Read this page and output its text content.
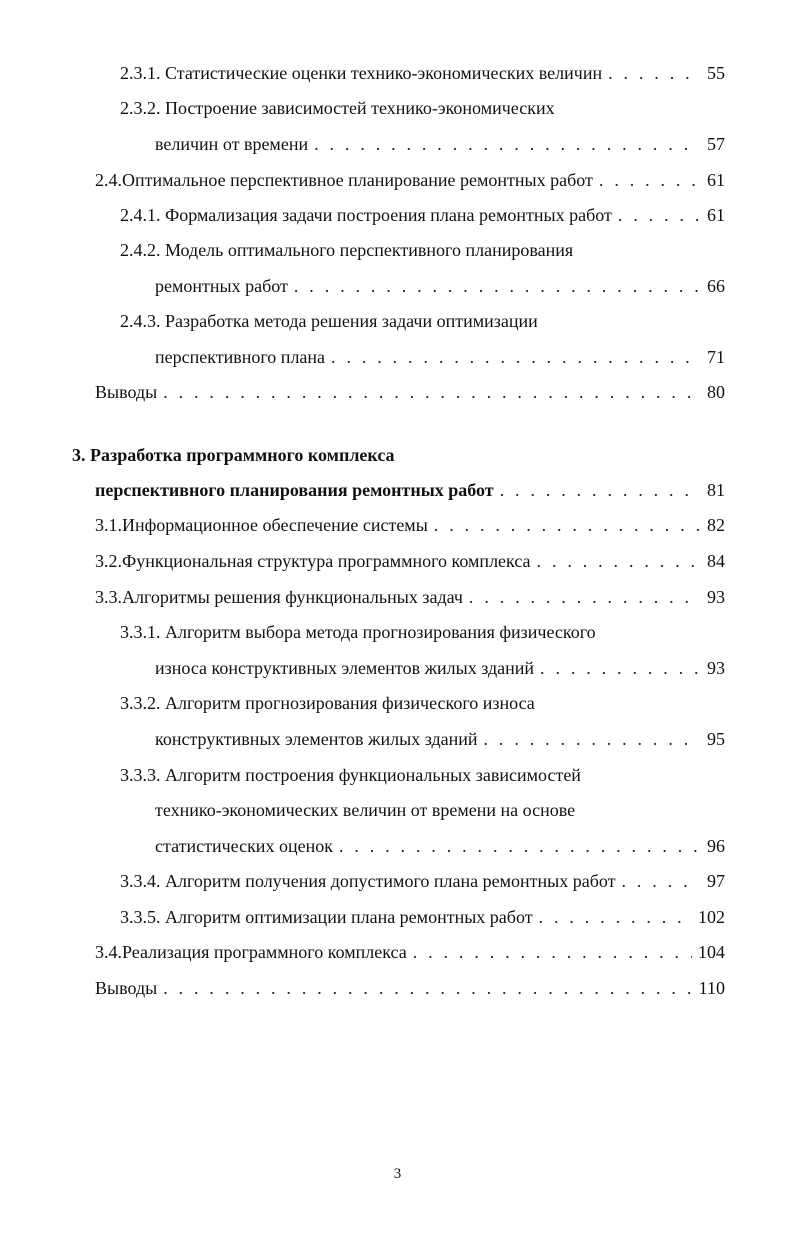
2.3.1. Статистические оценки технико-экономических величин . . .	55
2.3.2. Построение зависимостей технико-экономических
величин от времени . . .	57
2.4.Оптимальное перспективное планирование ремонтных работ . . .	61
2.4.1. Формализация задачи построения плана ремонтных работ . . .	61
2.4.2. Модель оптимального перспективного планирования
ремонтных работ . . .	66
2.4.3. Разработка метода решения задачи оптимизации
перспективного плана . . .	71
Выводы . . .	80
3. Разработка программного комплекса
перспективного планирования ремонтных работ . . .	81
3.1.Информационное обеспечение системы . . .	82
3.2.Функциональная структура программного комплекса . . .	84
3.3.Алгоритмы решения функциональных задач . . .	93
3.3.1. Алгоритм выбора метода прогнозирования физического
износа конструктивных элементов жилых зданий . . .	93
3.3.2. Алгоритм прогнозирования физического износа
конструктивных элементов жилых зданий . . .	95
3.3.3. Алгоритм построения функциональных зависимостей
технико-экономических величин от времени на основе
статистических оценок . . .	96
3.3.4. Алгоритм получения допустимого плана ремонтных работ . . .	97
3.3.5. Алгоритм оптимизации плана ремонтных работ . . .	102
3.4.Реализация программного комплекса . . .	104
Выводы . . .	110
3
